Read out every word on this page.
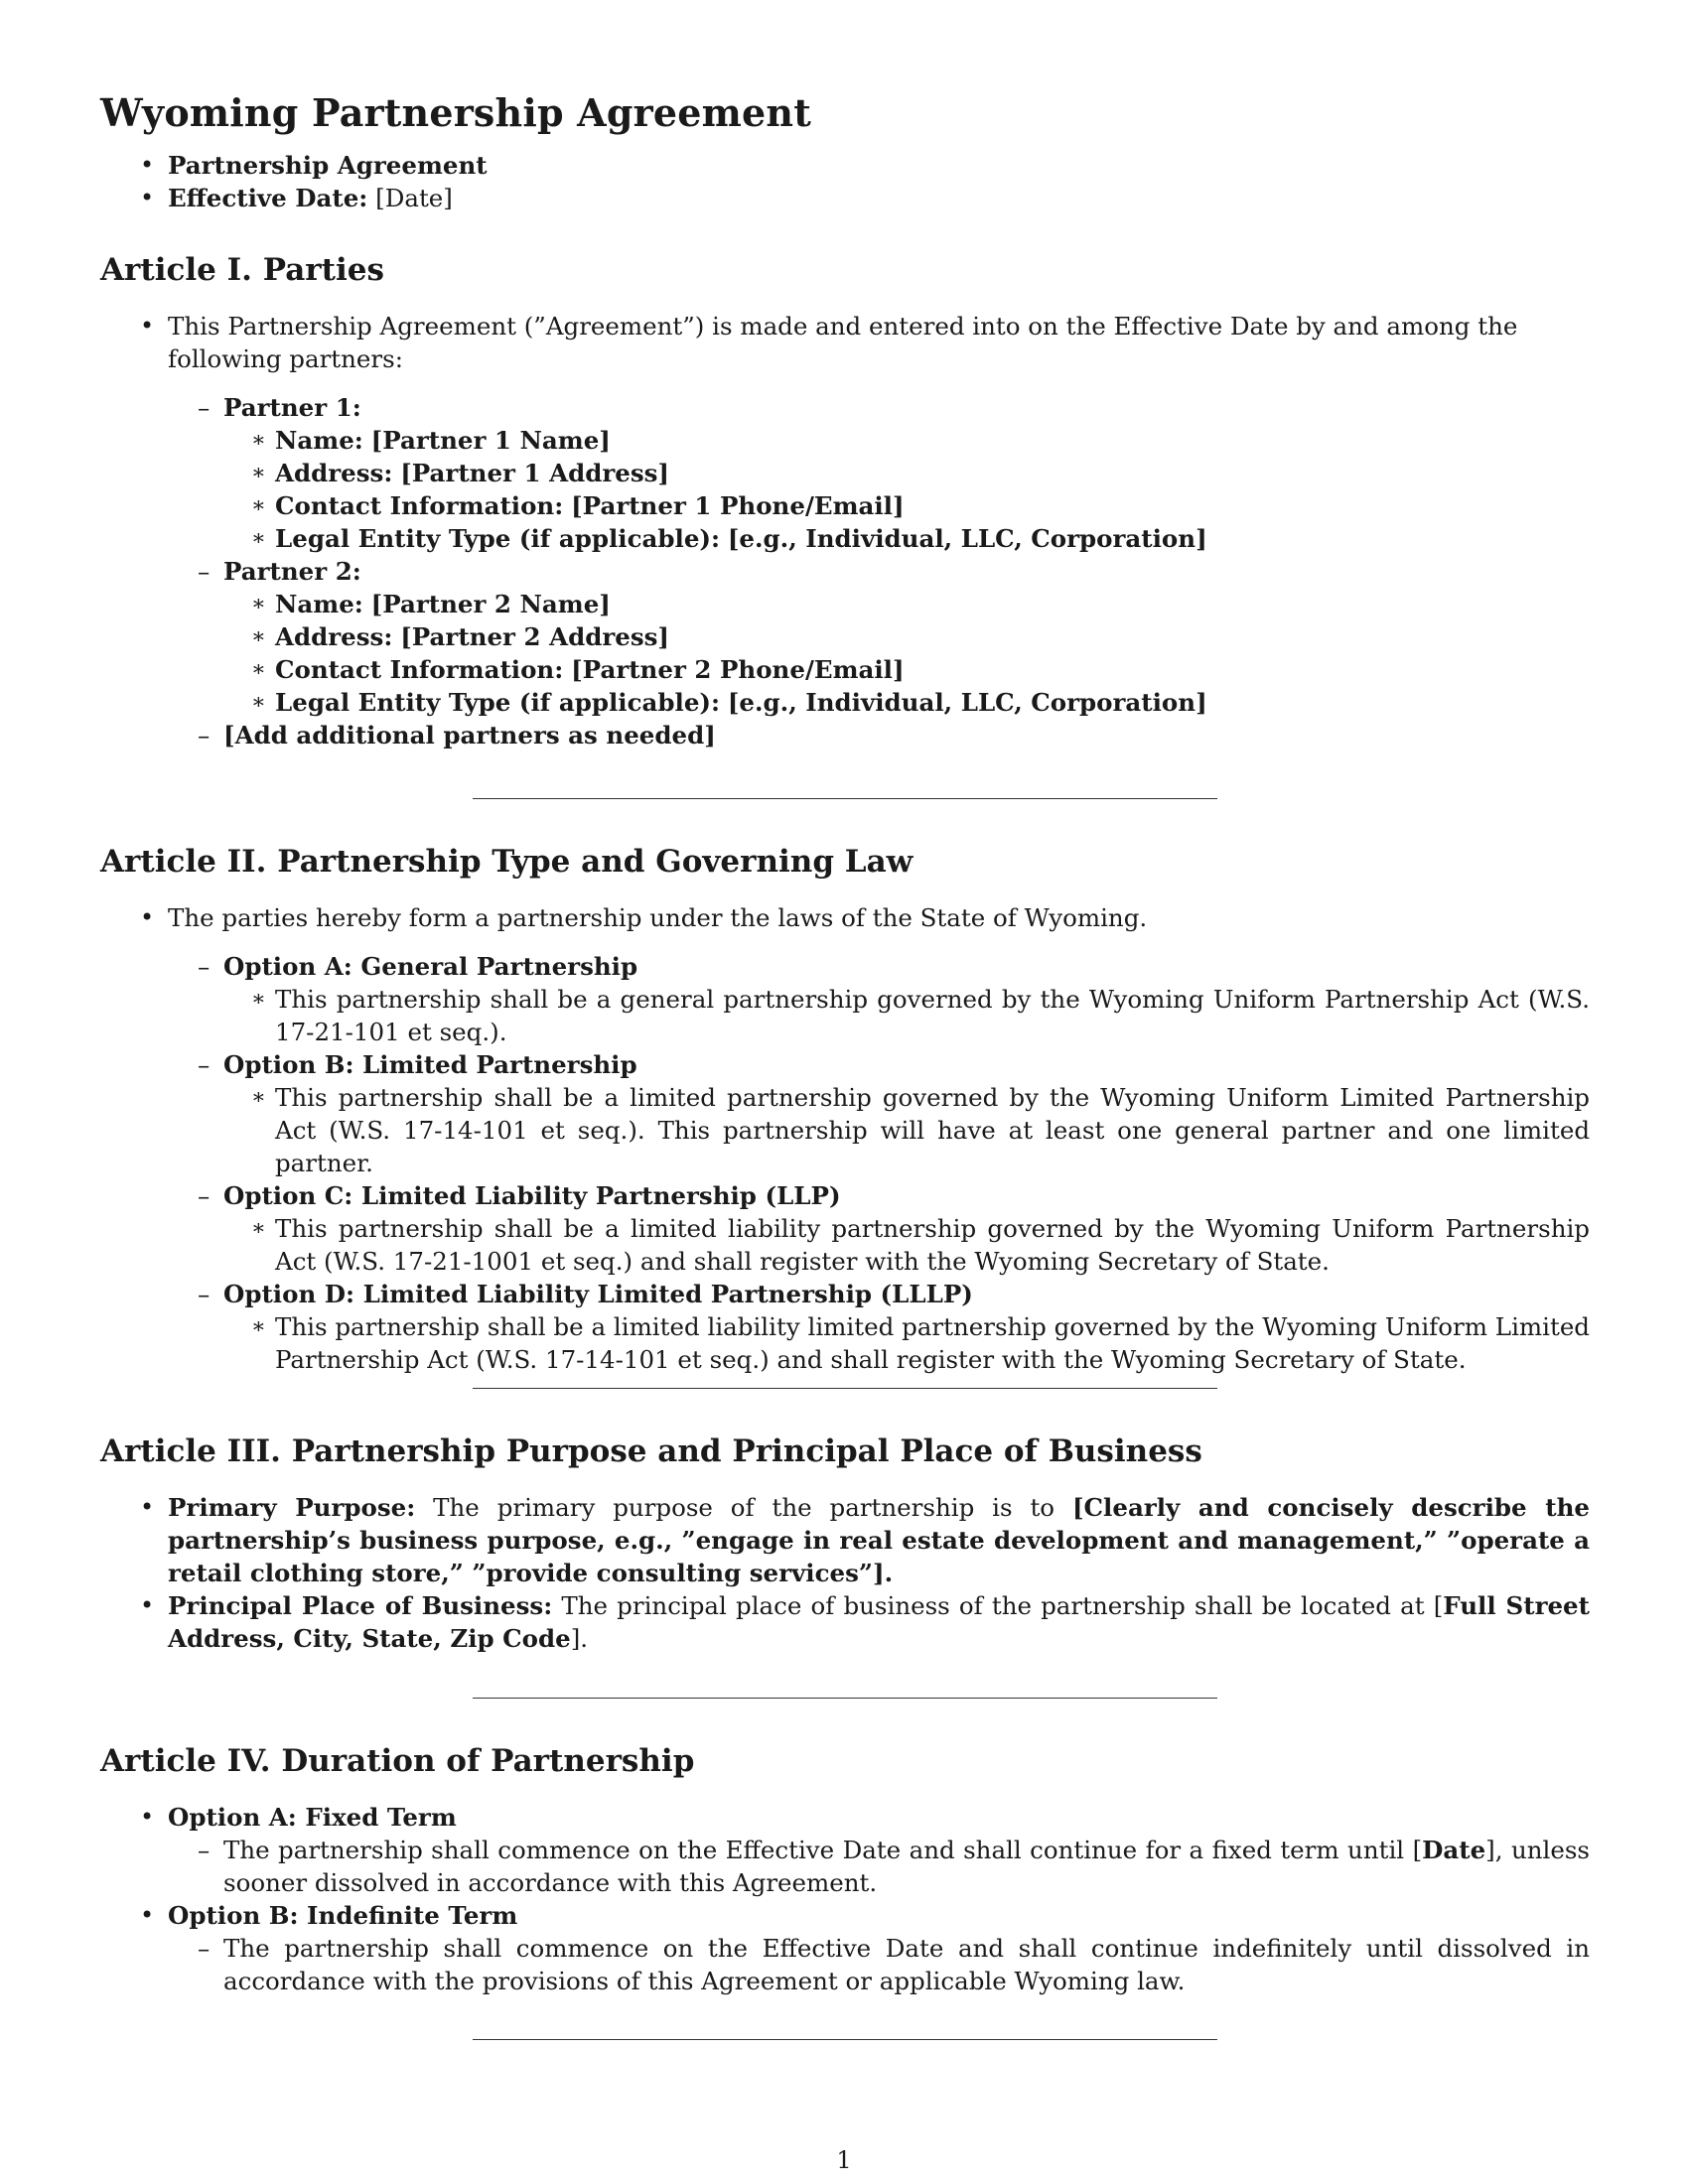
Wyoming Partnership Agreement
• Partnership Agreement
• Effective Date: [Date]
Article I. Parties
• This Partnership Agreement (”Agreement”) is made and entered into on the Effective Date by and among the following partners:
– Partner 1:
∗ Name: [Partner 1 Name]
∗ Address: [Partner 1 Address]
∗ Contact Information: [Partner 1 Phone/Email]
∗ Legal Entity Type (if applicable): [e.g., Individual, LLC, Corporation]
– Partner 2:
∗ Name: [Partner 2 Name]
∗ Address: [Partner 2 Address]
∗ Contact Information: [Partner 2 Phone/Email]
∗ Legal Entity Type (if applicable): [e.g., Individual, LLC, Corporation]
– [Add additional partners as needed]
Article II. Partnership Type and Governing Law
• The parties hereby form a partnership under the laws of the State of Wyoming.
– Option A: General Partnership
∗ This partnership shall be a general partnership governed by the Wyoming Uniform Partnership Act (W.S. 17-21-101 et seq.).
– Option B: Limited Partnership
∗ This partnership shall be a limited partnership governed by the Wyoming Uniform Limited Partnership Act (W.S. 17-14-101 et seq.). This partnership will have at least one general partner and one limited partner.
– Option C: Limited Liability Partnership (LLP)
∗ This partnership shall be a limited liability partnership governed by the Wyoming Uniform Partnership Act (W.S. 17-21-1001 et seq.) and shall register with the Wyoming Secretary of State.
– Option D: Limited Liability Limited Partnership (LLLP)
∗ This partnership shall be a limited liability limited partnership governed by the Wyoming Uniform Limited Partnership Act (W.S. 17-14-101 et seq.) and shall register with the Wyoming Secretary of State.
Article III. Partnership Purpose and Principal Place of Business
• Primary Purpose: The primary purpose of the partnership is to [Clearly and concisely describe the partnership’s business purpose, e.g., ”engage in real estate development and management,” ”operate a retail clothing store,” ”provide consulting services”].
• Principal Place of Business: The principal place of business of the partnership shall be located at [Full Street Address, City, State, Zip Code].
Article IV. Duration of Partnership
• Option A: Fixed Term
– The partnership shall commence on the Effective Date and shall continue for a fixed term until [Date], unless sooner dissolved in accordance with this Agreement.
• Option B: Indefinite Term
– The partnership shall commence on the Effective Date and shall continue indefinitely until dissolved in accordance with the provisions of this Agreement or applicable Wyoming law.
1
